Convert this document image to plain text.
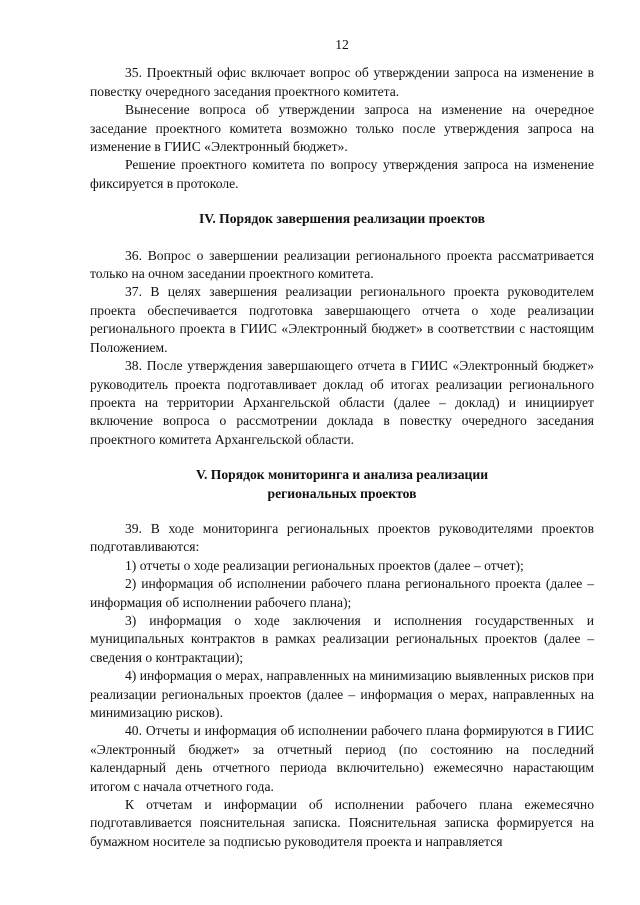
12

35. Проектный офис включает вопрос об утверждении запроса на изменение в повестку очередного заседания проектного комитета.

Вынесение вопроса об утверждении запроса на изменение на очередное заседание проектного комитета возможно только после утверждения запроса на изменение в ГИИС «Электронный бюджет».

Решение проектного комитета по вопросу утверждения запроса на изменение фиксируется в протоколе.

IV. Порядок завершения реализации проектов

36. Вопрос о завершении реализации регионального проекта рассматривается только на очном заседании проектного комитета.

37. В целях завершения реализации регионального проекта руководителем проекта обеспечивается подготовка завершающего отчета о ходе реализации регионального проекта в ГИИС «Электронный бюджет» в соответствии с настоящим Положением.

38. После утверждения завершающего отчета в ГИИС «Электронный бюджет» руководитель проекта подготавливает доклад об итогах реализации регионального проекта на территории Архангельской области (далее – доклад) и инициирует включение вопроса о рассмотрении доклада в повестку очередного заседания проектного комитета Архангельской области.

V. Порядок мониторинга и анализа реализации
региональных проектов

39. В ходе мониторинга региональных проектов руководителями проектов подготавливаются:

1) отчеты о ходе реализации региональных проектов (далее – отчет);

2) информация об исполнении рабочего плана регионального проекта (далее – информация об исполнении рабочего плана);

3) информация о ходе заключения и исполнения государственных и муниципальных контрактов в рамках реализации региональных проектов (далее – сведения о контрактации);

4) информация о мерах, направленных на минимизацию выявленных рисков при реализации региональных проектов (далее – информация о мерах, направленных на минимизацию рисков).

40. Отчеты и информация об исполнении рабочего плана формируются в ГИИС «Электронный бюджет» за отчетный период (по состоянию на последний календарный день отчетного периода включительно) ежемесячно нарастающим итогом с начала отчетного года.

К отчетам и информации об исполнении рабочего плана ежемесячно подготавливается пояснительная записка. Пояснительная записка формируется на бумажном носителе за подписью руководителя проекта и направляется
